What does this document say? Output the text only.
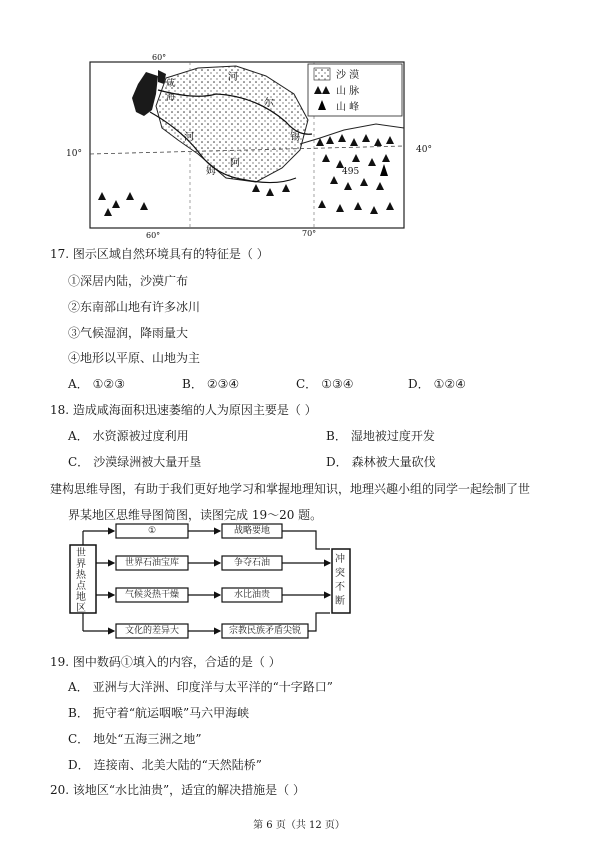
495
咸
海
河
尔
锡
阿
姆
河
60°
60°	70°
沙 漠
山 脉
山 峰
10°	40°
17. 图示区域自然环境具有的特征是（ ）
①深居内陆，沙漠广布
②东南部山地有许多冰川
③气候湿润，降雨量大
④地形以平原、山地为主
A． ①②③	B． ②③④	C． ①③④	D． ①②④
18. 造成咸海面积迅速萎缩的人为原因主要是（ ）
A． 水资源被过度利用	B． 湿地被过度开发
C． 沙漠绿洲被大量开垦	D． 森林被大量砍伐
建构思维导图，有助于我们更好地学习和掌握地理知识，地理兴趣小组的同学一起绘制了世
界某地区思维导图简图，读图完成 19～20 题。
世界热点地区
冲突不断
①	战略要地
世界石油宝库	争夺石油
气候炎热干燥	水比油贵
文化的差异大	宗教民族矛盾尖锐
19. 图中数码①填入的内容，合适的是（ ）
A． 亚洲与大洋洲、印度洋与太平洋的“十字路口”
B． 扼守着“航运咽喉”马六甲海峡
C． 地处“五海三洲之地”
D． 连接南、北美大陆的“天然陆桥”
20. 该地区“水比油贵”，适宜的解决措施是（ ）
第 6 页（共 12 页）
